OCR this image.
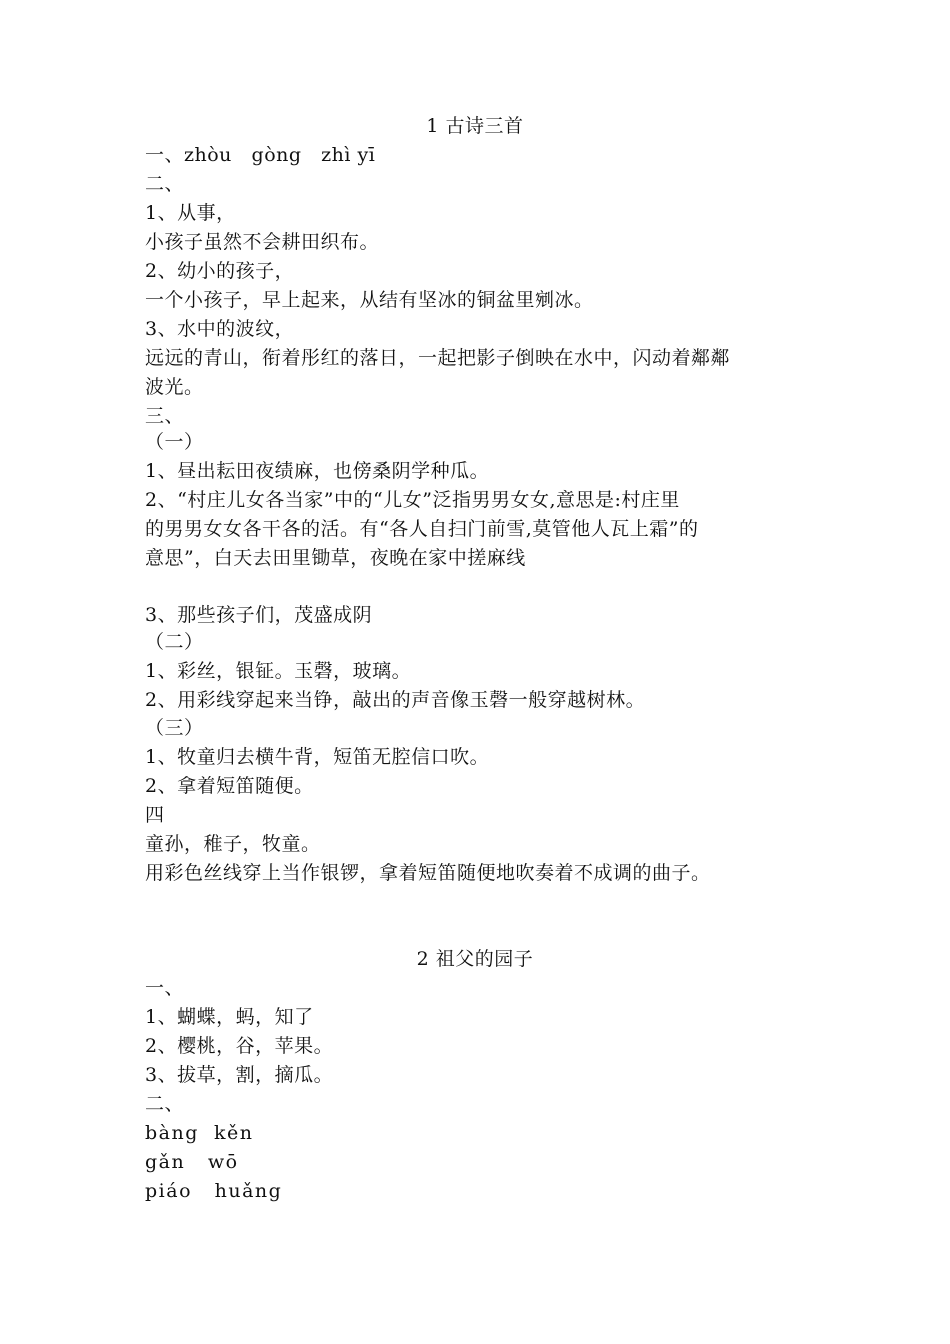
1 古诗三首
一、zhòu   gòng   zhì yī
二、
1、从事，
小孩子虽然不会耕田织布。
2、幼小的孩子，
一个小孩子，早上起来，从结有坚冰的铜盆里剜冰。
3、水中的波纹，
远远的青山，衔着彤红的落日，一起把影子倒映在水中，闪动着鄰鄰
波光。
三、
（一）
1、昼出耘田夜绩麻，也傍桑阴学种瓜。
2、“村庄儿女各当家”中的“儿女”泛指男男女女,意思是:村庄里
的男男女女各干各的活。有“各人自扫门前雪,莫管他人瓦上霜”的
意思”，白天去田里锄草，夜晚在家中搓麻线
3、那些孩子们，茂盛成阴
（二）
1、彩丝，银钲。玉磬，玻璃。
2、用彩线穿起来当铮，敲出的声音像玉磬一般穿越树林。
（三）
1、牧童归去横牛背，短笛无腔信口吹。
2、拿着短笛随便。
四
童孙，稚子，牧童。
用彩色丝线穿上当作银锣，拿着短笛随便地吹奏着不成调的曲子。
2 祖父的园子
一、
1、蝴蝶，蚂，知了
2、樱桃，谷，苹果。
3、拔草，割，摘瓜。
二、
bàng  kěn
gǎn   wō
piáo   huǎng
